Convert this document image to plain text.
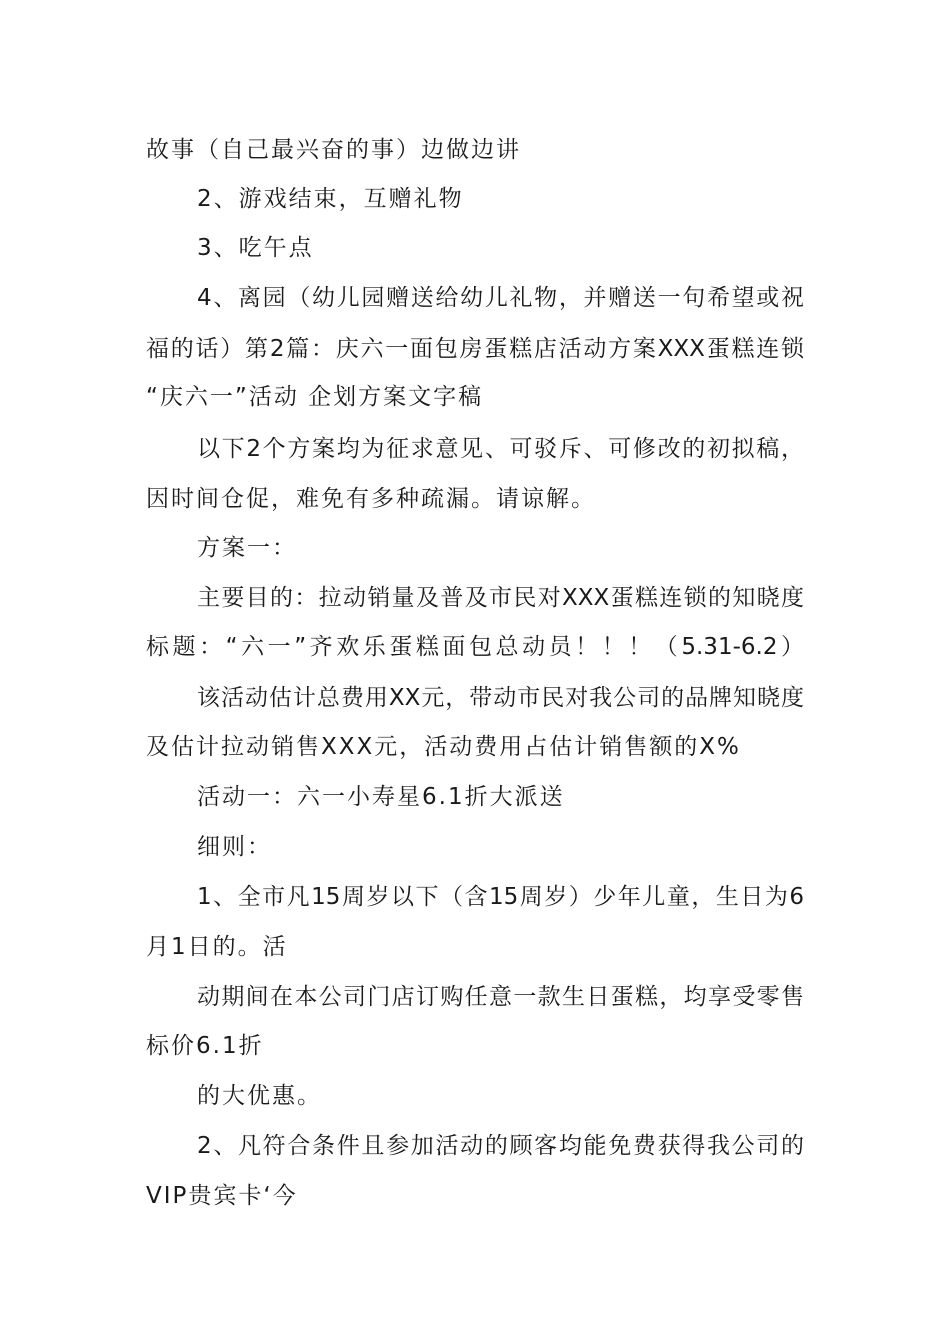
故事（自己最兴奋的事）边做边讲

2、游戏结束，互赠礼物

3、吃午点

4、离园（幼儿园赠送给幼儿礼物，并赠送一句希望或祝

福的话）第2篇：庆六一面包房蛋糕店活动方案XXX蛋糕连锁

“庆六一”活动 企划方案文字稿

以下2个方案均为征求意见、可驳斥、可修改的初拟稿，

因时间仓促，难免有多种疏漏。请谅解。

方案一：

主要目的：拉动销量及普及市民对XXX蛋糕连锁的知晓度

标题：“六一”齐欢乐蛋糕面包总动员！！！（5.31-6.2）

该活动估计总费用XX元，带动市民对我公司的品牌知晓度

及估计拉动销售XXX元，活动费用占估计销售额的X%

活动一：六一小寿星6.1折大派送

细则：

1、全市凡15周岁以下（含15周岁）少年儿童，生日为6

月1日的。活

动期间在本公司门店订购任意一款生日蛋糕，均享受零售

标价6.1折

的大优惠。

2、凡符合条件且参加活动的顾客均能免费获得我公司的

VIP贵宾卡‘今
